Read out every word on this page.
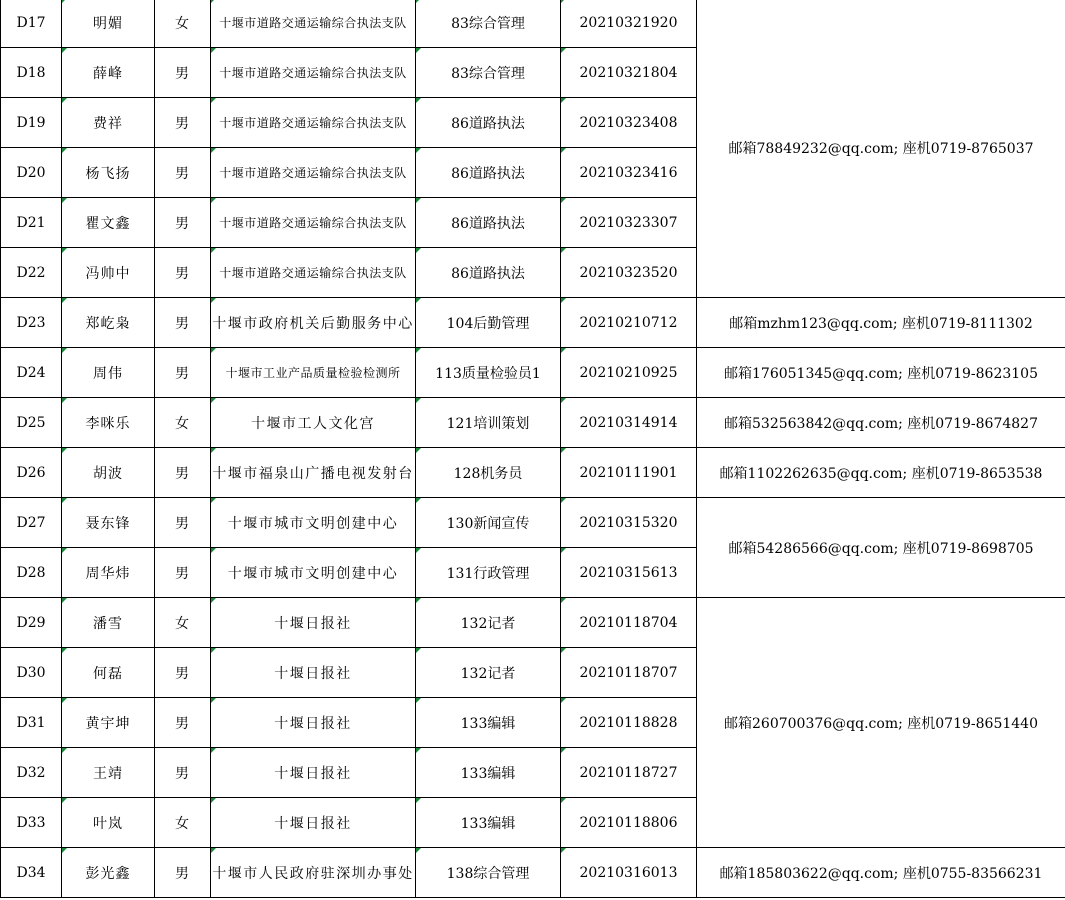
D17	明媚	女	十堰市道路交通运输综合执法支队	83综合管理	20210321920	邮箱78849232@qq.com; 座机0719-8765037
D18	薛峰	男	十堰市道路交通运输综合执法支队	83综合管理	20210321804	
D19	费祥	男	十堰市道路交通运输综合执法支队	86道路执法	20210323408	
D20	杨飞扬	男	十堰市道路交通运输综合执法支队	86道路执法	20210323416	
D21	瞿文鑫	男	十堰市道路交通运输综合执法支队	86道路执法	20210323307	
D22	冯帅中	男	十堰市道路交通运输综合执法支队	86道路执法	20210323520	
D23	郑屹枭	男	十堰市政府机关后勤服务中心	104后勤管理	20210210712	邮箱mzhm123@qq.com; 座机0719-8111302
D24	周伟	男	十堰市工业产品质量检验检测所	113质量检验员1	20210210925	邮箱176051345@qq.com; 座机0719-8623105
D25	李咪乐	女	十堰市工人文化宫	121培训策划	20210314914	邮箱532563842@qq.com; 座机0719-8674827
D26	胡波	男	十堰市福泉山广播电视发射台	128机务员	20210111901	邮箱1102262635@qq.com; 座机0719-8653538
D27	聂东锋	男	十堰市城市文明创建中心	130新闻宣传	20210315320	邮箱54286566@qq.com; 座机0719-8698705
D28	周华炜	男	十堰市城市文明创建中心	131行政管理	20210315613	
D29	潘雪	女	十堰日报社	132记者	20210118704	邮箱260700376@qq.com; 座机0719-8651440
D30	何磊	男	十堰日报社	132记者	20210118707	
D31	黄宇坤	男	十堰日报社	133编辑	20210118828	
D32	王靖	男	十堰日报社	133编辑	20210118727	
D33	叶岚	女	十堰日报社	133编辑	20210118806	
D34	彭光鑫	男	十堰市人民政府驻深圳办事处	138综合管理	20210316013	邮箱185803622@qq.com; 座机0755-83566231
